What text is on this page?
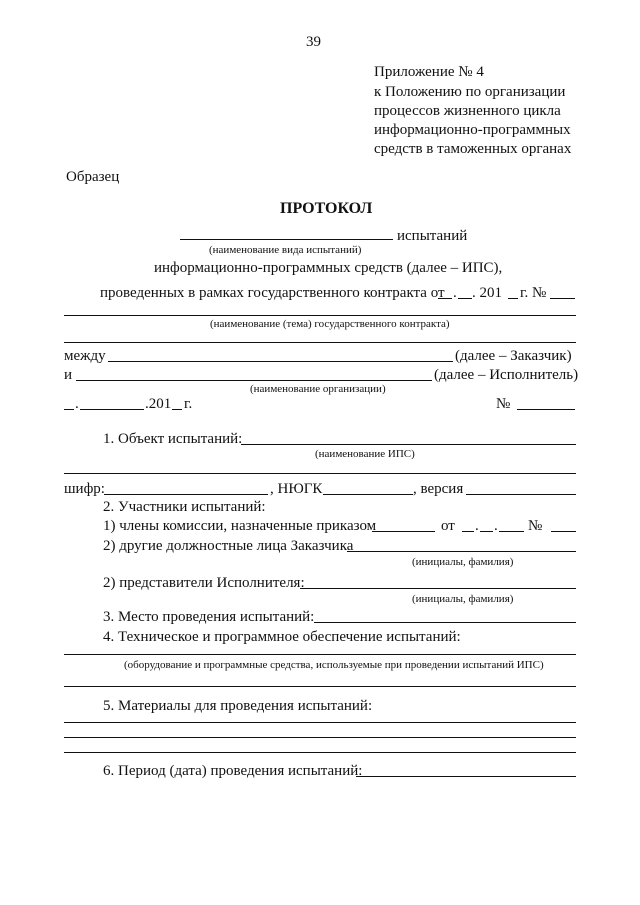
39
Приложение № 4
к Положению по организации
процессов жизненного цикла
информационно-программных
средств в таможенных органах
Образец
ПРОТОКОЛ
испытаний
(наименование вида испытаний)
информационно-программных средств (далее – ИПС),
проведенных в рамках государственного контракта от . . 201 г. №
(наименование (тема) государственного контракта)
между	(далее – Заказчик)
и	(далее – Исполнитель)
(наименование организации)
.	.201 г.	№
1. Объект испытаний:
(наименование ИПС)
шифр:	, НЮГК	, версия
2. Участники испытаний:
1) члены комиссии, назначенные приказом	от . . №
2) другие должностные лица Заказчика
(инициалы, фамилия)
2) представители Исполнителя:
(инициалы, фамилия)
3. Место проведения испытаний:
4. Техническое и программное обеспечение испытаний:
(оборудование и программные средства, используемые при проведении испытаний ИПС)
5. Материалы для проведения испытаний:
6. Период (дата) проведения испытаний:
